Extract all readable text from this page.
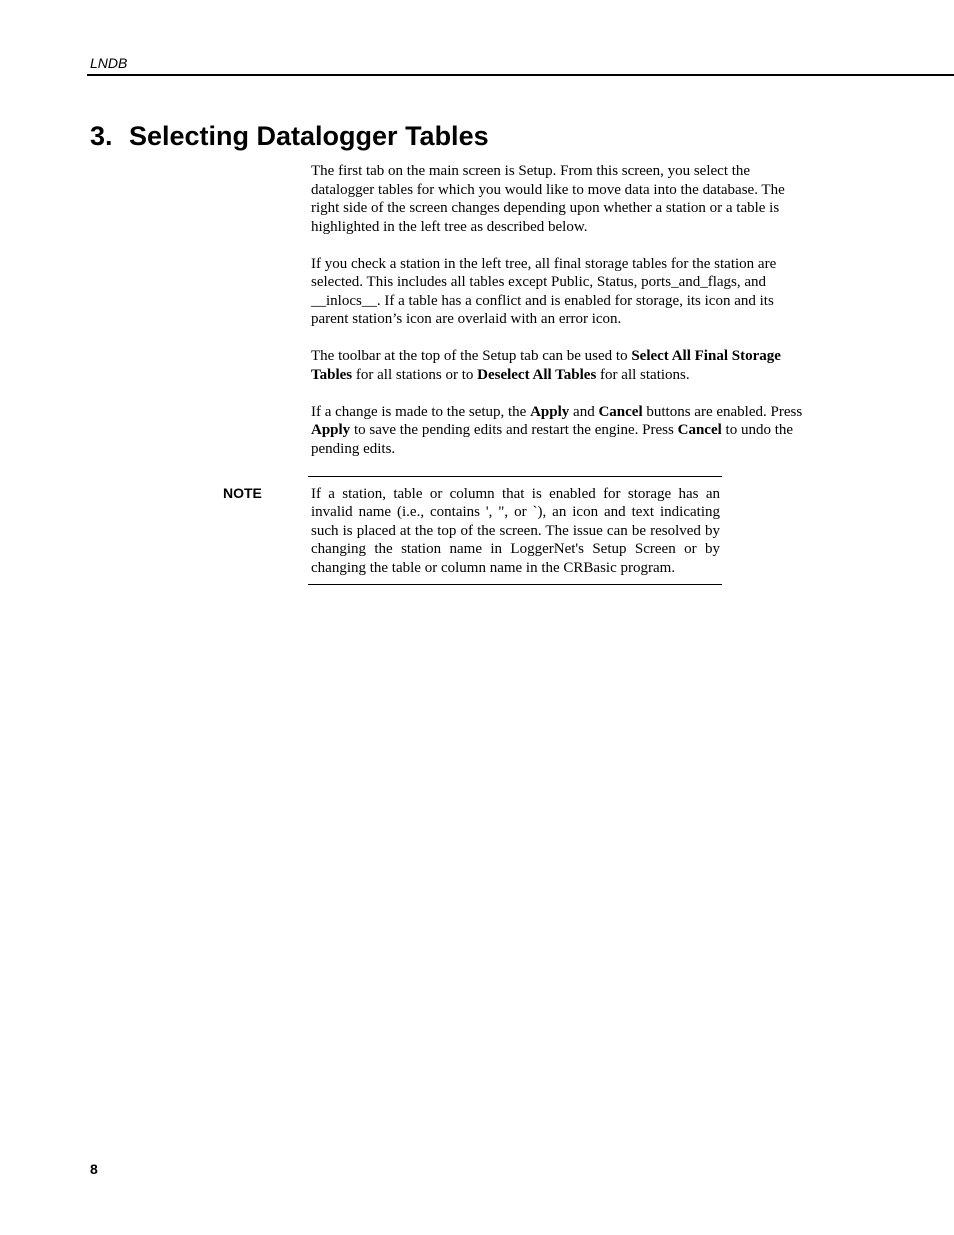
LNDB
3. Selecting Datalogger Tables

The first tab on the main screen is Setup. From this screen, you select the datalogger tables for which you would like to move data into the database. The right side of the screen changes depending upon whether a station or a table is highlighted in the left tree as described below.

If you check a station in the left tree, all final storage tables for the station are selected. This includes all tables except Public, Status, ports_and_flags, and __inlocs__. If a table has a conflict and is enabled for storage, its icon and its parent station’s icon are overlaid with an error icon.

The toolbar at the top of the Setup tab can be used to Select All Final Storage Tables for all stations or to Deselect All Tables for all stations.

If a change is made to the setup, the Apply and Cancel buttons are enabled. Press Apply to save the pending edits and restart the engine. Press Cancel to undo the pending edits.

NOTE	If a station, table or column that is enabled for storage has an invalid name (i.e., contains ', ", or `), an icon and text indicating such is placed at the top of the screen. The issue can be resolved by changing the station name in LoggerNet's Setup Screen or by changing the table or column name in the CRBasic program.
8
